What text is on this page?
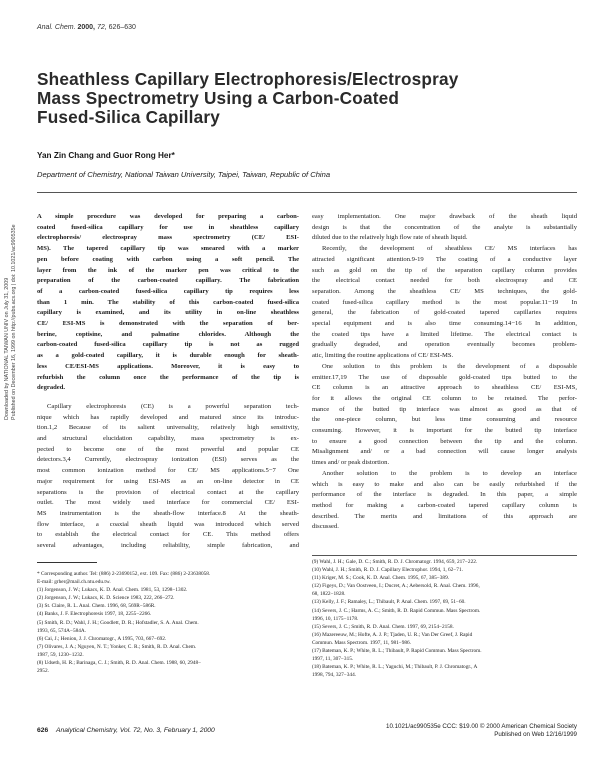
Anal. Chem. 2000, 72, 626–630
Sheathless Capillary Electrophoresis/Electrospray
Mass Spectrometry Using a Carbon-Coated
Fused-Silica Capillary
Yan Zin Chang and Guor Rong Her*
Department of Chemistry, National Taiwan University, Taipei, Taiwan, Republic of China
Downloaded by NATIONAL TAIWAN UNIV on July 31, 2009 Published on December 16, 1999 on http://pubs.acs.org | doi: 10.1021/ac990535e
A simple procedure was developed for preparing a carbon-
coated fused-silica capillary for use in sheathless capillary
electrophoresis/ electrospray mass spectrometry (CE/ ESI-
MS). The tapered capillary tip was smeared with a marker
pen before coating with carbon using a soft pencil. The
layer from the ink of the marker pen was critical to the
preparation of the carbon-coated capillary. The fabrication
of a carbon-coated fused-silica capillary tip requires less
than 1 min. The stability of this carbon-coated fused-silica
capillary is examined, and its utility in on-line sheathless
CE/ ESI-MS is demonstrated with the separation of ber-
berine, coptisine, and palmatine chlorides. Although the
carbon-coated fused-silica capillary tip is not as rugged
as a gold-coated capillary, it is durable enough for sheath-
less CE/ESI-MS applications. Moreover, it is easy to
refurbish the column once the performance of the tip is
degraded.
Capillary electrophoresis (CE) is a powerful separation tech-
nique which has rapidly developed and matured since its introduc-
tion.1,2 Because of its salient universality, relatively high sensitivity,
and structural elucidation capability, mass spectrometry is ex-
pected to become one of the most powerful and popular CE
detectors.3,4 Currently, electrospray ionization (ESI) serves as the
most common ionization method for CE/ MS applications.5−7 One
major requirement for using ESI-MS as an on-line detector in CE
separations is the provision of electrical contact at the capillary
outlet. The most widely used interface for commercial CE/ ESI-
MS instrumentation is the sheath-flow interface.8 At the sheath-
flow interface, a coaxial sheath liquid was introduced which served
to establish the electrical contact for CE. This method offers
several advantages, including reliability, simple fabrication, and
easy implementation. One major drawback of the sheath liquid
design is that the concentration of the analyte is substantially
diluted due to the relatively high flow rate of sheath liquid.
Recently, the development of sheathless CE/ MS interfaces has
attracted significant attention.9-19 The coating of a conductive layer
such as gold on the tip of the separation capillary column provides
the electrical contact needed for both electrospray and CE
separation. Among the sheathless CE/ MS techniques, the gold-
coated fused-silica capillary method is the most popular.11−19 In
general, the fabrication of gold-coated tapered capillaries requires
special equipment and is also time consuming.14−16 In addition,
the coated tips have a limited lifetime. The electrical contact is
gradually degraded, and operation eventually becomes problem-
atic, limiting the routine applications of CE/ ESI-MS.
One solution to this problem is the development of a disposable
emitter.17,19 The use of disposable gold-coated tips butted to the
CE column is an attractive approach to sheathless CE/ ESI-MS,
for it allows the original CE column to be retained. The perfor-
mance of the butted tip interface was almost as good as that of
the one-piece column, but less time consuming and resource
consuming. However, it is important for the butted tip interface
to ensure a good connection between the tip and the column.
Misalignment and/ or a bad connection will cause longer analysis
times and/ or peak distortion.
Another solution to the problem is to develop an interface
which is easy to make and also can be easily refurbished if the
performance of the interface is degraded. In this paper, a simple
method for making a carbon-coated tapered capillary column is
described. The merits and limitations of this approach are
discussed.
* Corresponding author. Tel: (886) 2-23690152, ext. 109. Fax: (886) 2-23638058.
E-mail: grher@mail.ch.ntu.edu.tw.
(1) Jorgenson, J. W.; Lukacs, K. D. Anal. Chem. 1981, 53, 1298−1302.
(2) Jorgenson, J. W.; Lukacs, K. D. Science 1983, 222, 266−272.
(3) St. Claire, R. L. Anal. Chem. 1996, 68, 569R−586R.
(4) Banks, J. F. Electrophoresis 1997, 18, 2255−2266.
(5) Smith, R. D.; Wahl, J. H.; Goodlett, D. R.; Hofstadler, S. A. Anal. Chem.
1993, 65, 574A−584A.
(6) Cai, J.; Henion, J. J. Chromatogr., A 1995, 703, 667−692.
(7) Olivares, J. A.; Nguyen, N. T.; Yonker, C. R.; Smith, R. D. Anal. Chem.
1987, 59, 1230−1232.
(8) Udseth, H. R.; Barinaga, C. J.; Smith, R. D. Anal. Chem. 1988, 60, 2948−
2952.
(9) Wahl, J. H.; Gale, D. C.; Smith, R. D. J. Chromatogr. 1994, 659, 217−222.
(10) Wahl, J. H.; Smith, R. D. J. Capillary Electrophor. 1994, 1, 62−71.
(11) Kriger, M. S.; Cook, K. D. Anal. Chem. 1995, 67, 385−389.
(12) Figeys, D.; Van Oostveen, I.; Ducret, A.; Aebersold, R. Anal. Chem. 1996,
68, 1822−1828.
(13) Kelly, J. F.; Ramaley, L.; Thibault, P. Anal. Chem. 1997, 69, 51−60.
(14) Severs, J. C.; Harms, A. C.; Smith, R. D. Rapid Commun. Mass Spectrom.
1996, 10, 1175−1178.
(15) Severs, J. C.; Smith, R. D. Anal. Chem. 1997, 69, 2154−2158.
(16) Mazereeuw, M.; Hofte, A. J. P.; Tjaden, U. R.; Van Der Greef, J. Rapid
Commun. Mass Spectrom. 1997, 11, 981−986.
(17) Bateman, K. P.; White, R. L.; Thibault, P. Rapid Commun. Mass Spectrom.
1997, 11, 307−315.
(18) Bateman, K. P.; White, R. L.; Yaguchi, M.; Thibault, P. J. Chromatogr., A
1998, 794, 327−344.
626 Analytical Chemistry, Vol. 72, No. 3, February 1, 2000
10.1021/ac990535e CCC: $19.00 © 2000 American Chemical Society
Published on Web 12/16/1999
